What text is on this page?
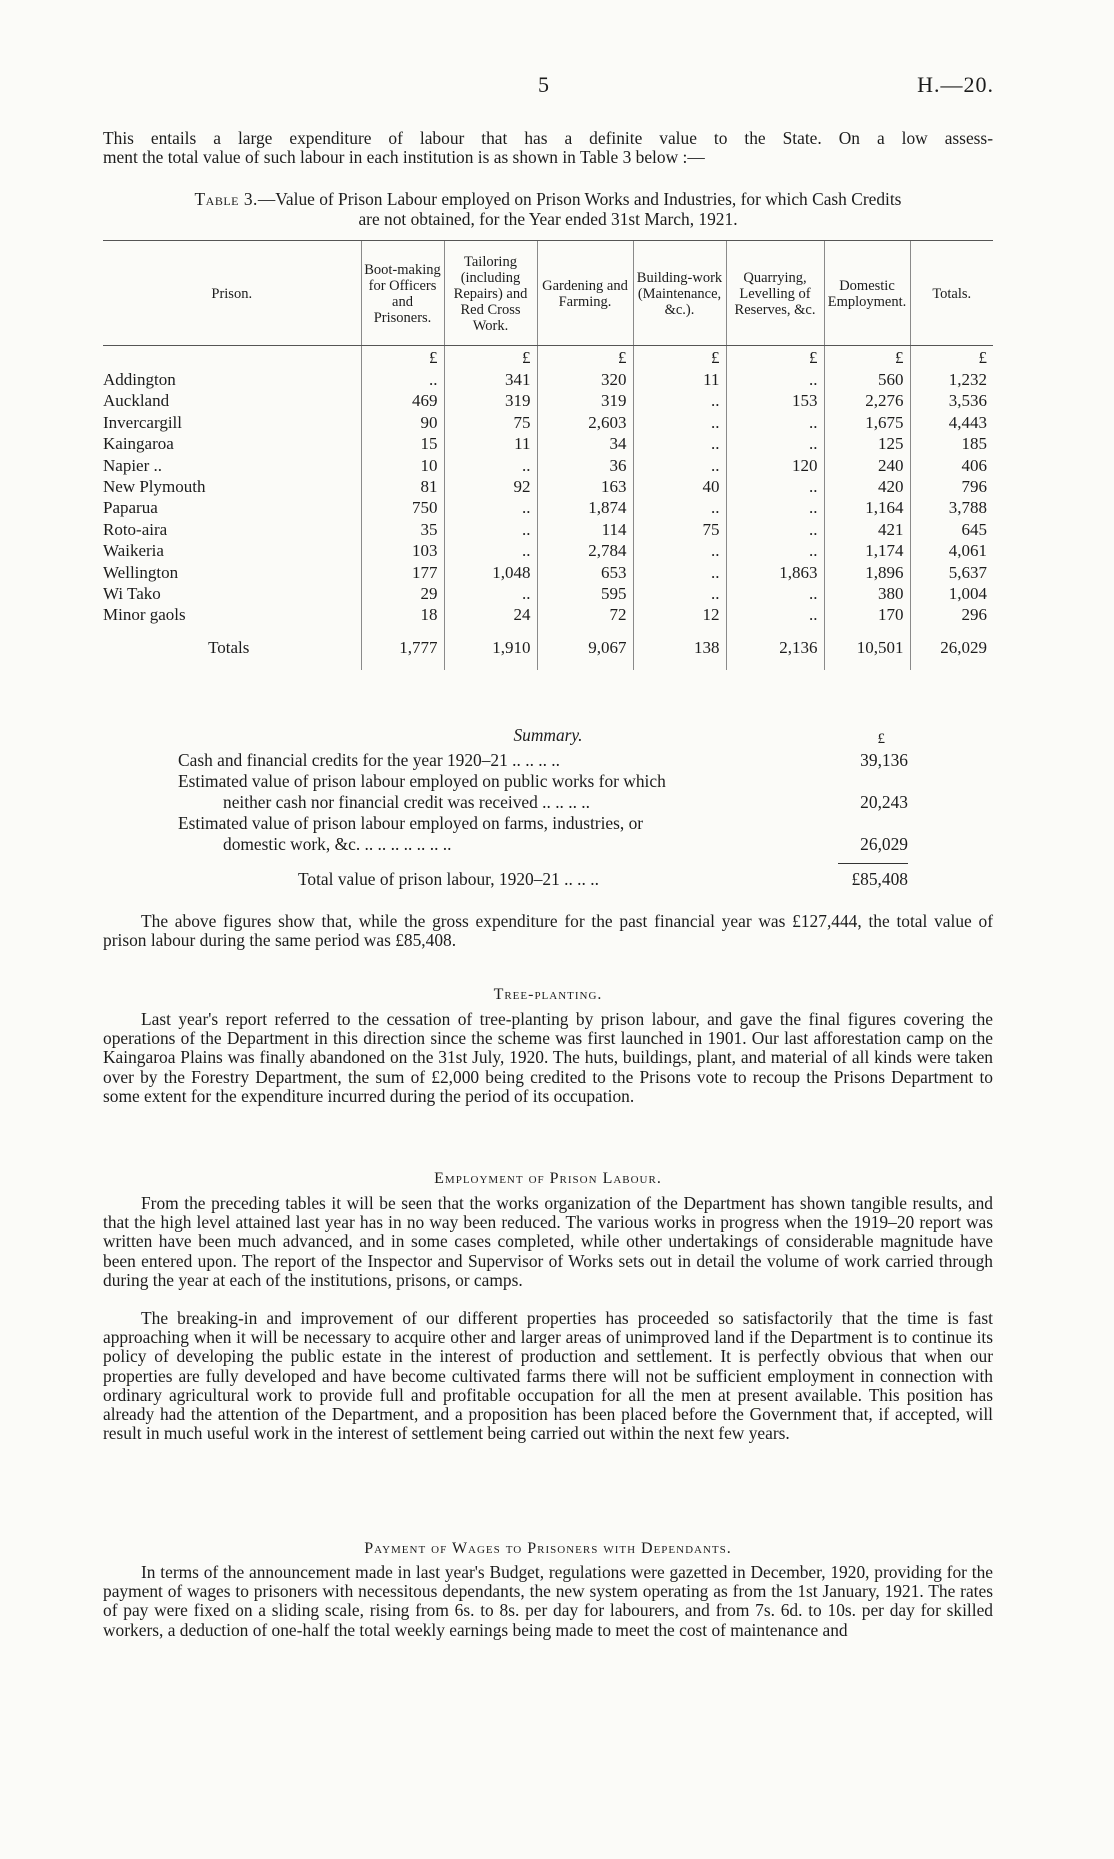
5	H.—20.
This entails a large expenditure of labour that has a definite value to the State. On a low assess-
ment the total value of such labour in each institution is as shown in Table 3 below :—
Table 3.—Value of Prison Labour employed on Prison Works and Industries, for which Cash Credits
are not obtained, for the Year ended 31st March, 1921.
Prison.	Boot-making for Officers and Prisoners.	Tailoring (including Repairs) and Red Cross Work.	Gardening and Farming.	Building-work (Maintenance, &c.).	Quarrying, Levelling of Reserves, &c.	Domestic Employment.	Totals.
	£	£	£	£	£	£	£
Addington	..	341	320	11	..	560	1,232
Auckland	469	319	319	..	153	2,276	3,536
Invercargill	90	75	2,603	..	..	1,675	4,443
Kaingaroa	15	11	34	..	..	125	185
Napier ..	10	..	36	..	120	240	406
New Plymouth	81	92	163	40	..	420	796
Paparua	750	..	1,874	..	..	1,164	3,788
Roto-aira	35	..	114	75	..	421	645
Waikeria	103	..	2,784	..	..	1,174	4,061
Wellington	177	1,048	653	..	1,863	1,896	5,637
Wi Tako	29	..	595	..	..	380	1,004
Minor gaols	18	24	72	12	..	170	296
Totals	1,777	1,910	9,067	138	2,136	10,501	26,029
Summary.	£
Cash and financial credits for the year 1920–21 .. .. .. ..	39,136
Estimated value of prison labour employed on public works for which
neither cash nor financial credit was received .. .. .. ..	20,243
Estimated value of prison labour employed on farms, industries, or
domestic work, &c. .. .. .. .. .. .. ..	26,029
Total value of prison labour, 1920–21 .. .. ..	£85,408
The above figures show that, while the gross expenditure for the past financial year was £127,444, the total value of prison labour during the same period was £85,408.
Tree-planting.
Last year's report referred to the cessation of tree-planting by prison labour, and gave the final figures covering the operations of the Department in this direction since the scheme was first launched in 1901. Our last afforestation camp on the Kaingaroa Plains was finally abandoned on the 31st July, 1920. The huts, buildings, plant, and material of all kinds were taken over by the Forestry Department, the sum of £2,000 being credited to the Prisons vote to recoup the Prisons Department to some extent for the expenditure incurred during the period of its occupation.
Employment of Prison Labour.
From the preceding tables it will be seen that the works organization of the Department has shown tangible results, and that the high level attained last year has in no way been reduced. The various works in progress when the 1919–20 report was written have been much advanced, and in some cases completed, while other undertakings of considerable magnitude have been entered upon. The report of the Inspector and Supervisor of Works sets out in detail the volume of work carried through during the year at each of the institutions, prisons, or camps.
The breaking-in and improvement of our different properties has proceeded so satisfactorily that the time is fast approaching when it will be necessary to acquire other and larger areas of unimproved land if the Department is to continue its policy of developing the public estate in the interest of production and settlement. It is perfectly obvious that when our properties are fully developed and have become cultivated farms there will not be sufficient employment in connection with ordinary agricultural work to provide full and profitable occupation for all the men at present available. This position has already had the attention of the Department, and a proposition has been placed before the Government that, if accepted, will result in much useful work in the interest of settlement being carried out within the next few years.
Payment of Wages to Prisoners with Dependants.
In terms of the announcement made in last year's Budget, regulations were gazetted in December, 1920, providing for the payment of wages to prisoners with necessitous dependants, the new system operating as from the 1st January, 1921. The rates of pay were fixed on a sliding scale, rising from 6s. to 8s. per day for labourers, and from 7s. 6d. to 10s. per day for skilled workers, a deduction of one-half the total weekly earnings being made to meet the cost of maintenance and
